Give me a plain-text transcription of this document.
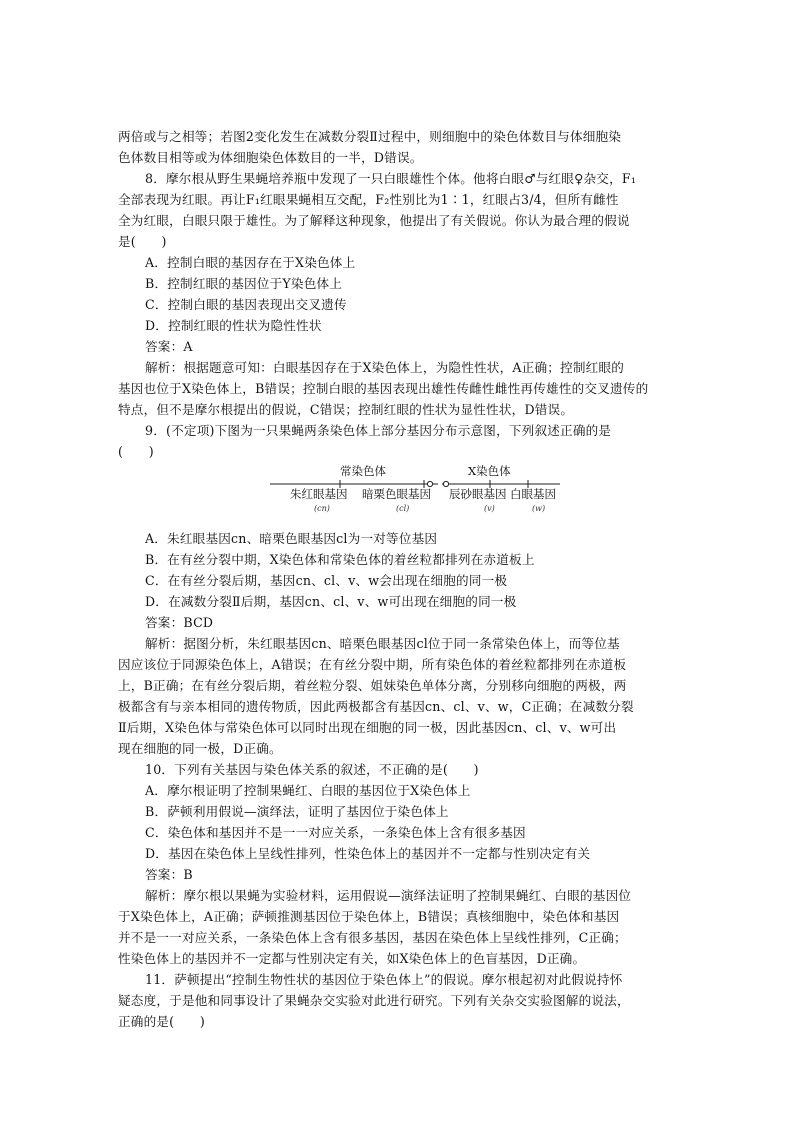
两倍或与之相等；若图2变化发生在减数分裂Ⅱ过程中，则细胞中的染色体数目与体细胞染

色体数目相等或为体细胞染色体数目的一半，D错误。

8．摩尔根从野生果蝇培养瓶中发现了一只白眼雄性个体。他将白眼♂与红眼♀杂交，F₁

全部表现为红眼。再让F₁红眼果蝇相互交配，F₂性别比为1∶1，红眼占3/4，但所有雌性

全为红眼，白眼只限于雄性。为了解释这种现象，他提出了有关假说。你认为最合理的假说

是(　　)

A．控制白眼的基因存在于X染色体上

B．控制红眼的基因位于Y染色体上

C．控制白眼的基因表现出交叉遗传

D．控制红眼的性状为隐性性状

答案：A

解析：根据题意可知：白眼基因存在于X染色体上，为隐性性状，A正确；控制红眼的

基因也位于X染色体上，B错误；控制白眼的基因表现出雄性传雌性雌性再传雄性的交叉遗传的

特点，但不是摩尔根提出的假说，C错误；控制红眼的性状为显性性状，D错误。

9．(不定项)下图为一只果蝇两条染色体上部分基因分布示意图，下列叙述正确的是

(　　)

常染色体	X染色体
朱红眼基因 暗栗色眼基因 辰砂眼基因 白眼基因
(cn)	(cl)	(v)	(w)

A．朱红眼基因cn、暗栗色眼基因cl为一对等位基因

B．在有丝分裂中期，X染色体和常染色体的着丝粒都排列在赤道板上

C．在有丝分裂后期，基因cn、cl、v、w会出现在细胞的同一极

D．在减数分裂Ⅱ后期，基因cn、cl、v、w可出现在细胞的同一极

答案：BCD

解析：据图分析，朱红眼基因cn、暗栗色眼基因cl位于同一条常染色体上，而等位基

因应该位于同源染色体上，A错误；在有丝分裂中期，所有染色体的着丝粒都排列在赤道板

上，B正确；在有丝分裂后期，着丝粒分裂、姐妹染色单体分离，分别移向细胞的两极，两

极都含有与亲本相同的遗传物质，因此两极都含有基因cn、cl、v、w，C正确；在减数分裂

Ⅱ后期，X染色体与常染色体可以同时出现在细胞的同一极，因此基因cn、cl、v、w可出

现在细胞的同一极，D正确。

10．下列有关基因与染色体关系的叙述，不正确的是(　　)

A．摩尔根证明了控制果蝇红、白眼的基因位于X染色体上

B．萨顿利用假说—演绎法，证明了基因位于染色体上

C．染色体和基因并不是一一对应关系，一条染色体上含有很多基因

D．基因在染色体上呈线性排列，性染色体上的基因并不一定都与性别决定有关

答案：B

解析：摩尔根以果蝇为实验材料，运用假说—演绎法证明了控制果蝇红、白眼的基因位

于X染色体上，A正确；萨顿推测基因位于染色体上，B错误；真核细胞中，染色体和基因

并不是一一对应关系，一条染色体上含有很多基因，基因在染色体上呈线性排列，C正确；

性染色体上的基因并不一定都与性别决定有关，如X染色体上的色盲基因，D正确。

11．萨顿提出“控制生物性状的基因位于染色体上”的假说。摩尔根起初对此假说持怀

疑态度，于是他和同事设计了果蝇杂交实验对此进行研究。下列有关杂交实验图解的说法，

正确的是(　　)
